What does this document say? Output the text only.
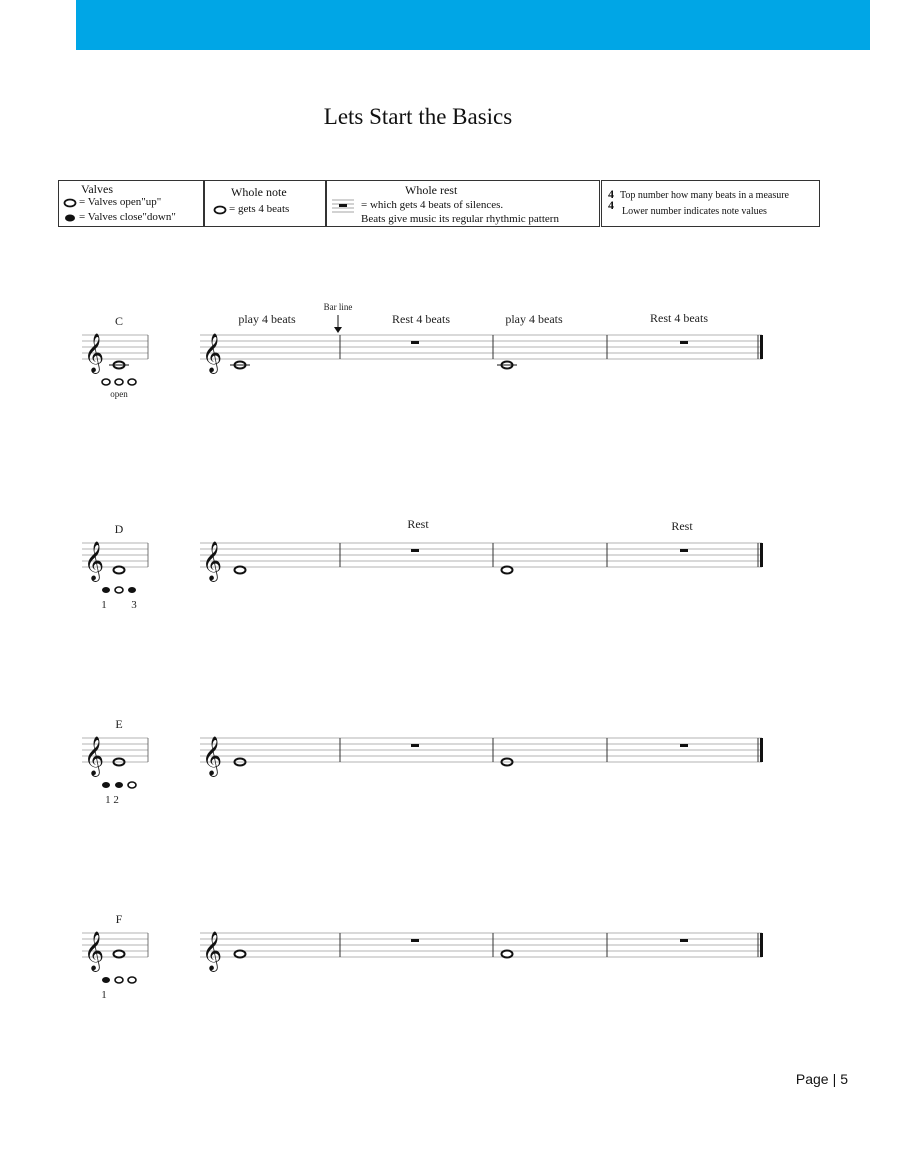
Lets Start the Basics
Valves
= Valves open"up"
= Valves close"down"
Whole note
= gets 4 beats
Whole rest
= which gets 4 beats of silences.
Beats give music its regular rhythmic pattern
4
4
Top number how many beats in a measure
Lower number indicates note values
𝄞
C
open
𝄞
play 4 beats
Bar line
Rest 4 beats	play 4 beats	Rest 4 beats
𝄞
D
1 3
𝄞
Rest	Rest
𝄞
E
1 2
𝄞
𝄞
F
1
𝄞
Page | 5
